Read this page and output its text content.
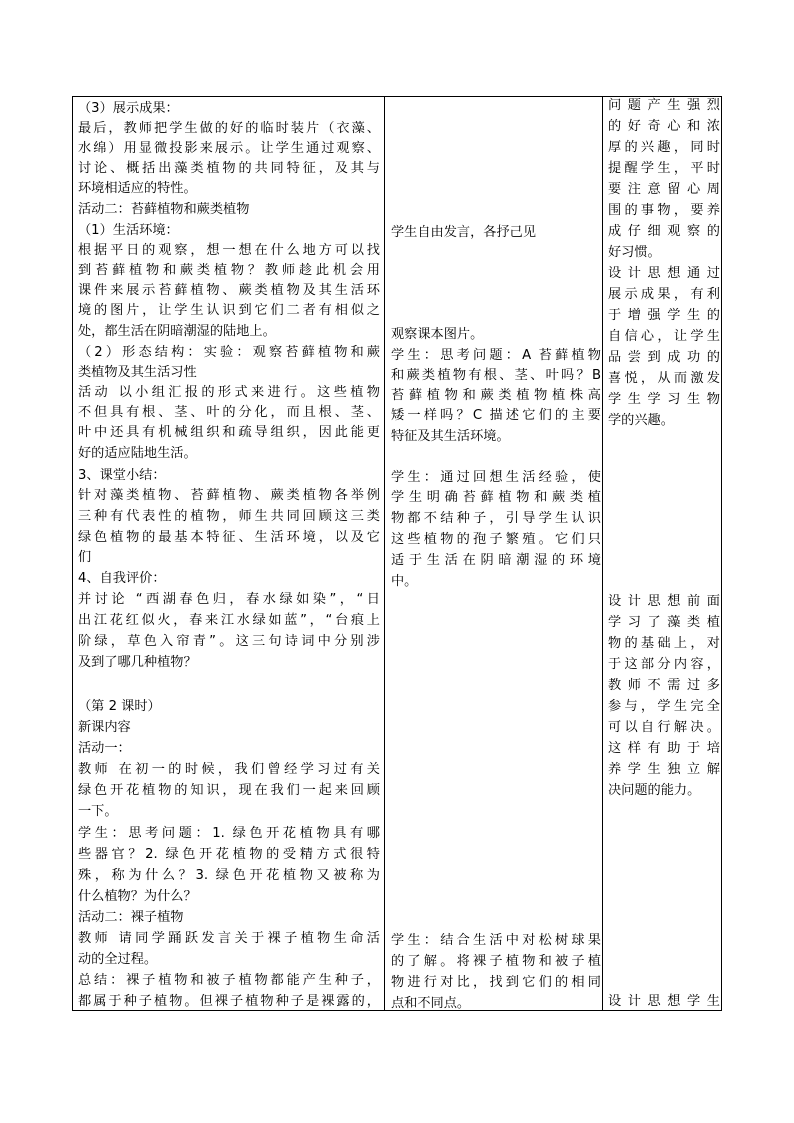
（3）展示成果：
最后，教师把学生做的好的临时装片（衣藻、
水绵）用显微投影来展示。让学生通过观察、
讨论、概括出藻类植物的共同特征，及其与
环境相适应的特性。
活动二：苔藓植物和蕨类植物
（1）生活环境：
根据平日的观察，想一想在什么地方可以找
到苔藓植物和蕨类植物？教师趁此机会用
课件来展示苔藓植物、蕨类植物及其生活环
境的图片，让学生认识到它们二者有相似之
处，都生活在阴暗潮湿的陆地上。
（2）形态结构：实验：观察苔藓植物和蕨
类植物及其生活习性
活动 以小组汇报的形式来进行。这些植物
不但具有根、茎、叶的分化，而且根、茎、
叶中还具有机械组织和疏导组织，因此能更
好的适应陆地生活。
3、课堂小结：
针对藻类植物、苔藓植物、蕨类植物各举例
三种有代表性的植物，师生共同回顾这三类
绿色植物的最基本特征、生活环境，以及它
们
4、自我评价：
并讨论 “西湖春色归，春水绿如染”，“日
出江花红似火，春来江水绿如蓝”，“台痕上
阶绿，草色入帘青”。这三句诗词中分别涉
及到了哪几种植物？
（第 2 课时）
新课内容
活动一：
教师 在初一的时候，我们曾经学习过有关
绿色开花植物的知识，现在我们一起来回顾
一下。
学生：思考问题：1. 绿色开花植物具有哪
些器官？2. 绿色开花植物的受精方式很特
殊，称为什么？3. 绿色开花植物又被称为
什么植物？为什么？
活动二：裸子植物
教师 请同学踊跃发言关于裸子植物生命活
动的全过程。
总结：裸子植物和被子植物都能产生种子，
都属于种子植物。但裸子植物种子是裸露的，
学生自由发言，各抒己见
观察课本图片。
学生：思考问题：A 苔藓植物
和蕨类植物有根、茎、叶吗？B
苔藓植物和蕨类植物植株高
矮一样吗？C 描述它们的主要
特征及其生活环境。
学生：通过回想生活经验，使
学生明确苔藓植物和蕨类植
物都不结种子，引导学生认识
这些植物的孢子繁殖。它们只
适于生活在阴暗潮湿的环境
中。
学生：结合生活中对松树球果
的了解。将裸子植物和被子植
物进行对比，找到它们的相同
点和不同点。
问题产生强烈
的好奇心和浓
厚的兴趣，同时
提醒学生，平时
要注意留心周
围的事物，要养
成仔细观察的
好习惯。
设计思想通过
展示成果，有利
于增强学生的
自信心，让学生
品尝到成功的
喜悦，从而激发
学生学习生物
学的兴趣。
设计思想前面
学习了藻类植
物的基础上，对
于这部分内容，
教师不需过多
参与，学生完全
可以自行解决。
这样有助于培
养学生独立解
决问题的能力。
设计思想学生
